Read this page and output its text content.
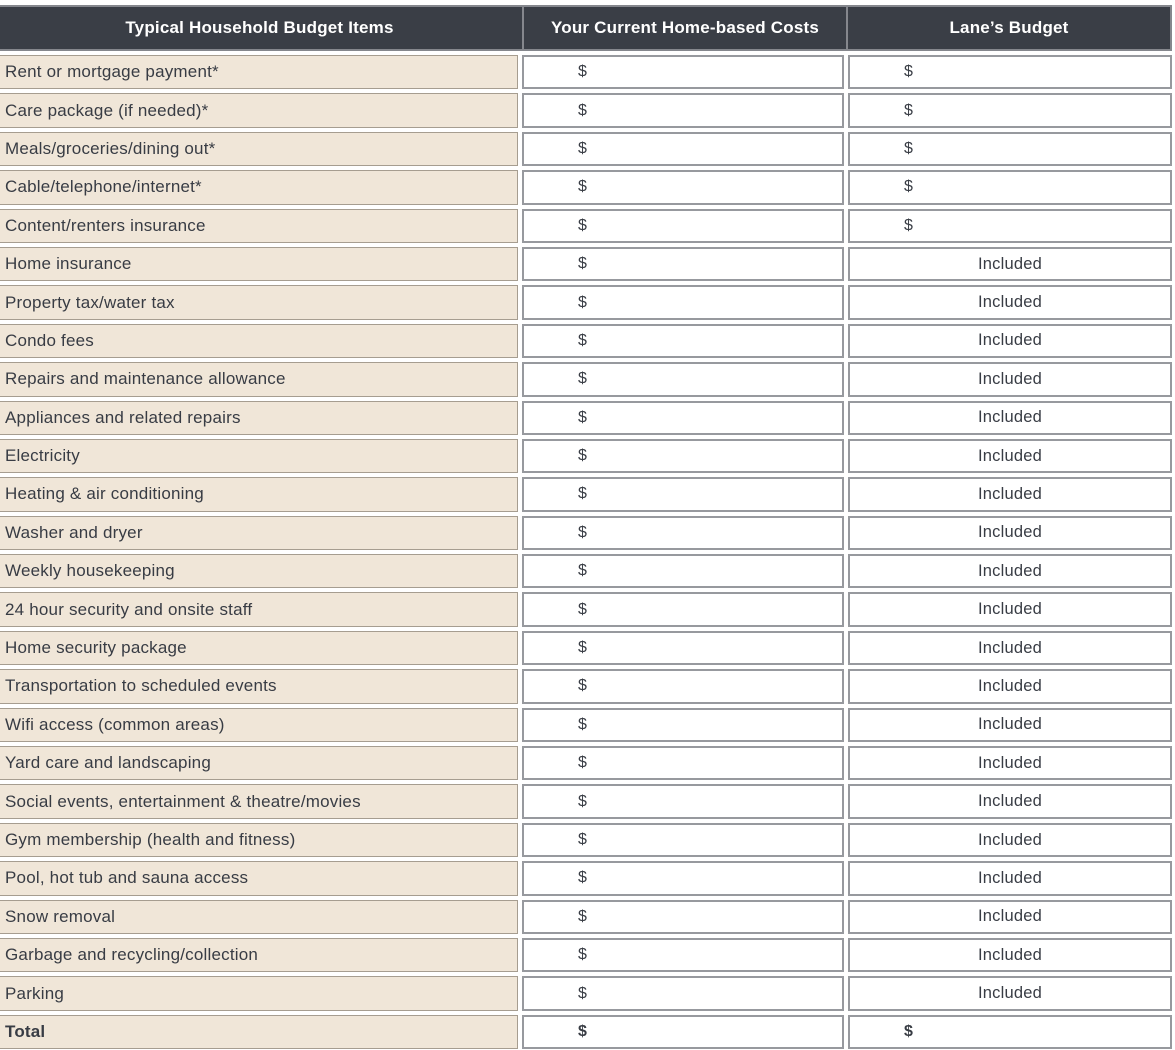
Typical Household Budget Items	Your Current Home-based Costs	Lane’s Budget
Rent or mortgage payment*	$	$
Care package (if needed)*	$	$
Meals/groceries/dining out*	$	$
Cable/telephone/internet*	$	$
Content/renters insurance	$	$
Home insurance	$	Included
Property tax/water tax	$	Included
Condo fees	$	Included
Repairs and maintenance allowance	$	Included
Appliances and related repairs	$	Included
Electricity	$	Included
Heating & air conditioning	$	Included
Washer and dryer	$	Included
Weekly housekeeping	$	Included
24 hour security and onsite staff	$	Included
Home security package	$	Included
Transportation to scheduled events	$	Included
Wifi access (common areas)	$	Included
Yard care and landscaping	$	Included
Social events, entertainment & theatre/movies	$	Included
Gym membership (health and fitness)	$	Included
Pool, hot tub and sauna access	$	Included
Snow removal	$	Included
Garbage and recycling/collection	$	Included
Parking	$	Included
Total	$	$
